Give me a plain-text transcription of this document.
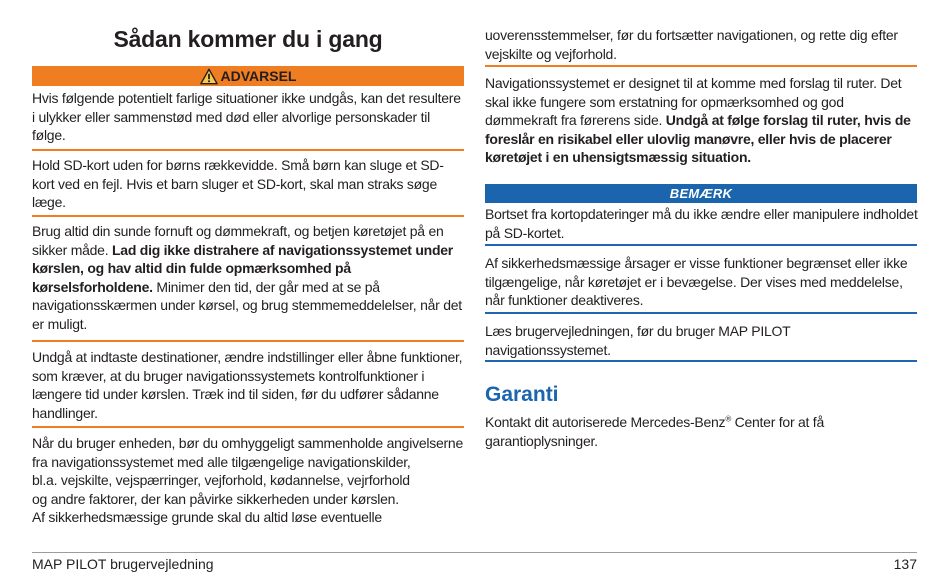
Sådan kommer du i gang
ADVARSEL

Hvis følgende potentielt farlige situationer ikke undgås, kan det resultere i ulykker eller sammenstød med død eller alvorlige personskader til følge.

Hold SD-kort uden for børns rækkevidde. Små børn kan sluge et SD-kort ved en fejl. Hvis et barn sluger et SD-kort, skal man straks søge læge.

Brug altid din sunde fornuft og dømmekraft, og betjen køretøjet på en sikker måde. Lad dig ikke distrahere af navigationssystemet under kørslen, og hav altid din fulde opmærksomhed på kørselsforholdene. Minimer den tid, der går med at se på navigationsskærmen under kørsel, og brug stemmemeddelelser, når det er muligt.

Undgå at indtaste destinationer, ændre indstillinger eller åbne funktioner, som kræver, at du bruger navigationssystemets kontrolfunktioner i længere tid under kørslen. Træk ind til siden, før du udfører sådanne handlinger.

Når du bruger enheden, bør du omhyggeligt sammenholde angivelserne
fra navigationssystemet med alle tilgængelige navigationskilder,
bl.a. vejskilte, vejspærringer, vejforhold, kødannelse, vejrforhold
og andre faktorer, der kan påvirke sikkerheden under kørslen.
Af sikkerhedsmæssige grunde skal du altid løse eventuelle

uoverensstemmelser, før du fortsætter navigationen, og rette dig efter vejskilte og vejforhold.

Navigationssystemet er designet til at komme med forslag til ruter. Det skal ikke fungere som erstatning for opmærksomhed og god dømmekraft fra førerens side. Undgå at følge forslag til ruter, hvis de foreslår en risikabel eller ulovlig manøvre, eller hvis de placerer køretøjet i en uhensigtsmæssig situation.

BEMÆRK

Bortset fra kortopdateringer må du ikke ændre eller manipulere indholdet på SD-kortet.

Af sikkerhedsmæssige årsager er visse funktioner begrænset eller ikke tilgængelige, når køretøjet er i bevægelse. Der vises med meddelelse, når funktioner deaktiveres.

Læs brugervejledningen, før du bruger MAP PILOT navigationssystemet.

Garanti

Kontakt dit autoriserede Mercedes-Benz® Center for at få garantioplysninger.

MAP PILOT brugervejledning	137
